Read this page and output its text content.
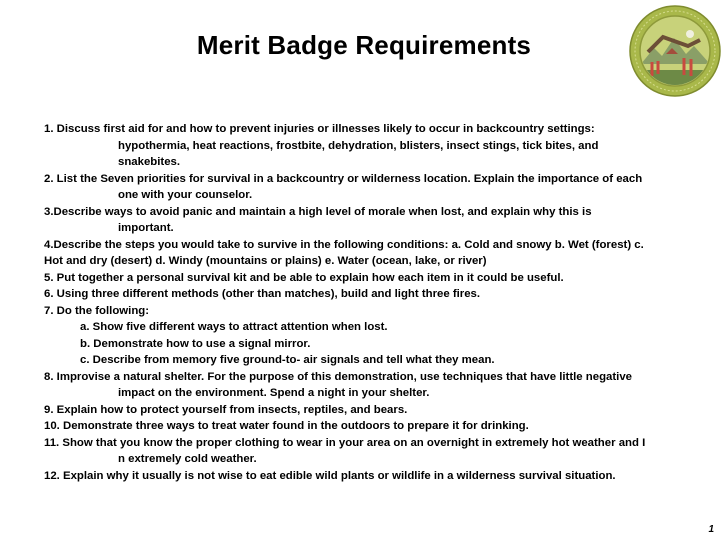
Merit Badge Requirements
1. Discuss first aid for and how to prevent injuries or illnesses likely to occur in backcountry settings:
hypothermia, heat reactions, frostbite, dehydration, blisters, insect stings, tick bites, and
snakebites.
2. List the Seven priorities for survival in a backcountry or wilderness location. Explain the importance of each
one with your counselor.
3.Describe ways to avoid panic and maintain a high level of morale when lost, and explain why this is
important.
4.Describe the steps you would take to survive in the following conditions: a. Cold and snowy b. Wet (forest) c.
Hot and dry (desert) d. Windy (mountains or plains) e. Water (ocean, lake, or river)
5. Put together a personal survival kit and be able to explain how each item in it could be useful.
6. Using three different methods (other than matches), build and light three fires.
7. Do the following:
a. Show five different ways to attract attention when lost.
b. Demonstrate how to use a signal mirror.
c. Describe from memory five ground-to- air signals and tell what they mean.
8. Improvise a natural shelter. For the purpose of this demonstration, use techniques that have little negative
impact on the environment. Spend a night in your shelter.
9. Explain how to protect yourself from insects, reptiles, and bears.
10. Demonstrate three ways to treat water found in the outdoors to prepare it for drinking.
11. Show that you know the proper clothing to wear in your area on an overnight in extremely hot weather and I
n extremely cold weather.
12. Explain why it usually is not wise to eat edible wild plants or wildlife in a wilderness survival situation.
1
